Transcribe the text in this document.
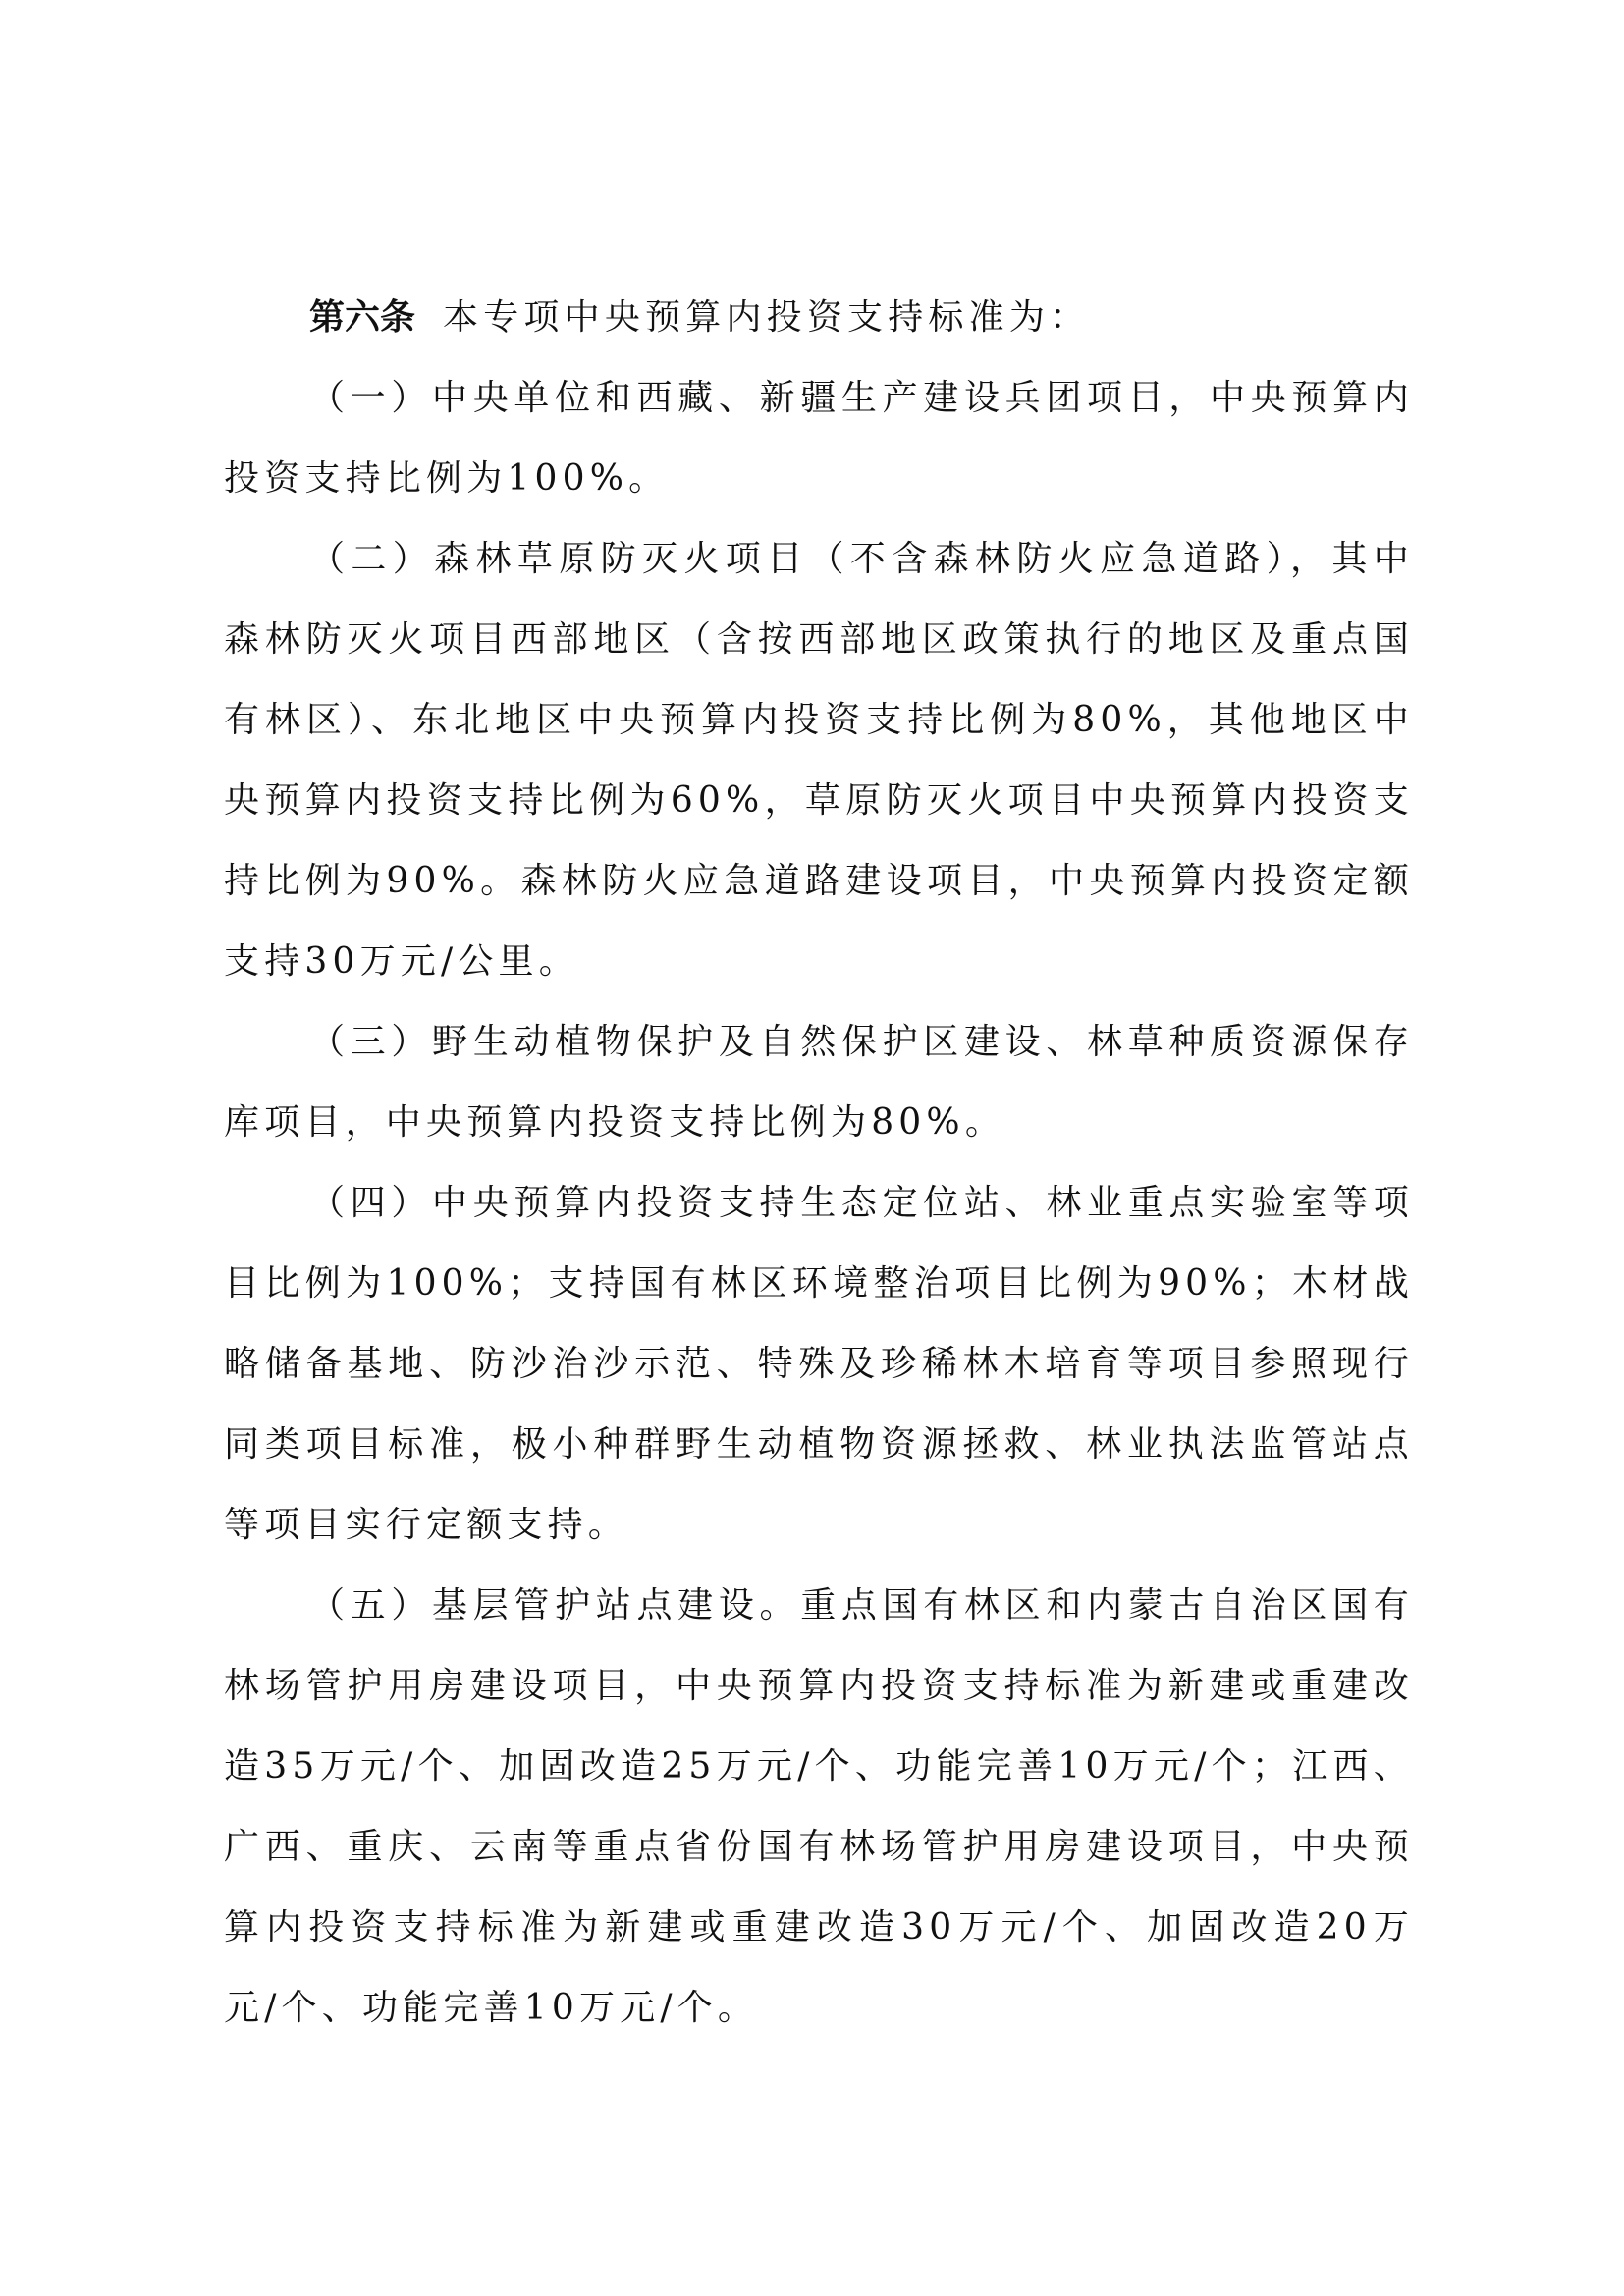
第六条 本专项中央预算内投资支持标准为：

（一）中央单位和西藏、新疆生产建设兵团项目，中央预算内投资支持比例为100%。

（二）森林草原防灭火项目（不含森林防火应急道路），其中森林防灭火项目西部地区（含按西部地区政策执行的地区及重点国有林区）、东北地区中央预算内投资支持比例为80%，其他地区中央预算内投资支持比例为60%，草原防灭火项目中央预算内投资支持比例为90%。森林防火应急道路建设项目，中央预算内投资定额支持30万元/公里。

（三）野生动植物保护及自然保护区建设、林草种质资源保存库项目，中央预算内投资支持比例为80%。

（四）中央预算内投资支持生态定位站、林业重点实验室等项目比例为100%；支持国有林区环境整治项目比例为90%；木材战略储备基地、防沙治沙示范、特殊及珍稀林木培育等项目参照现行同类项目标准，极小种群野生动植物资源拯救、林业执法监管站点等项目实行定额支持。

（五）基层管护站点建设。重点国有林区和内蒙古自治区国有林场管护用房建设项目，中央预算内投资支持标准为新建或重建改造35万元/个、加固改造25万元/个、功能完善10万元/个；江西、广西、重庆、云南等重点省份国有林场管护用房建设项目，中央预算内投资支持标准为新建或重建改造30万元/个、加固改造20万元/个、功能完善10万元/个。
